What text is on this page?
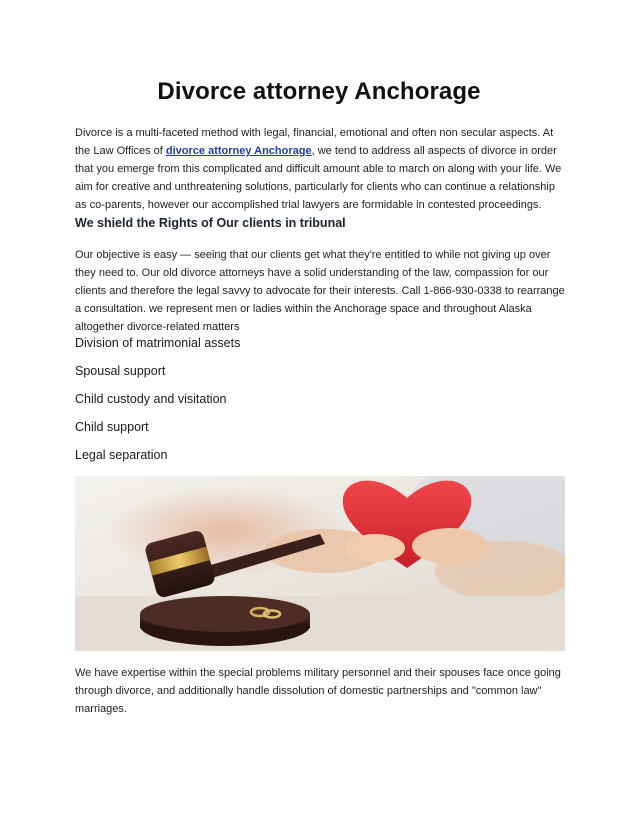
Divorce attorney Anchorage
Divorce is a multi-faceted method with legal, financial, emotional and often non secular aspects. At the Law Offices of divorce attorney Anchorage, we tend to address all aspects of divorce in order that you emerge from this complicated and difficult amount able to march on along with your life. We aim for creative and unthreatening solutions, particularly for clients who can continue a relationship as co-parents, however our accomplished trial lawyers are formidable in contested proceedings.
We shield the Rights of Our clients in tribunal
Our objective is easy — seeing that our clients get what they're entitled to while not giving up over they need to. Our old divorce attorneys have a solid understanding of the law, compassion for our clients and therefore the legal savvy to advocate for their interests. Call 1-866-930-0338 to rearrange a consultation. we represent men or ladies within the Anchorage space and throughout Alaska altogether divorce-related matters
Division of matrimonial assets
Spousal support
Child custody and visitation
Child support
Legal separation
We have expertise within the special problems military personnel and their spouses face once going through divorce, and additionally handle dissolution of domestic partnerships and "common law" marriages.
